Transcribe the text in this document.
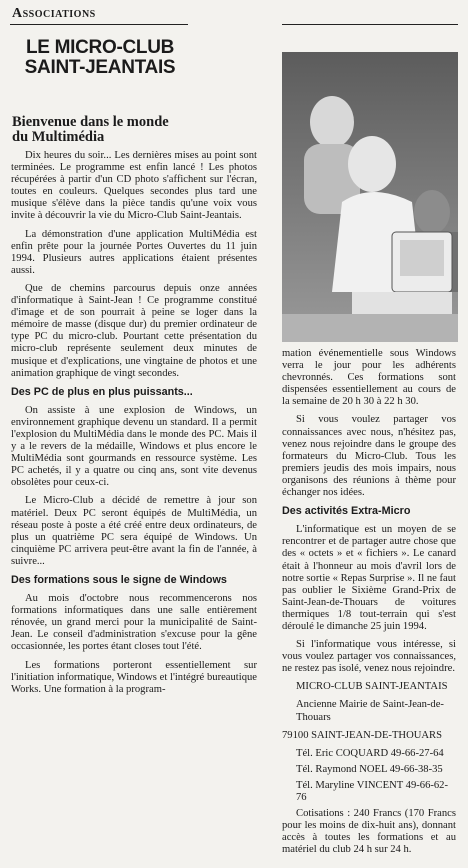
Associations
LE MICRO-CLUB
SAINT-JEANTAIS
Bienvenue dans le monde
du Multimédia

Dix heures du soir... Les dernières mises au point sont terminées. Le programme est enfin lancé ! Les photos récupérées à partir d'un CD photo s'affichent sur l'écran, toutes en couleurs. Quelques secondes plus tard une musique s'élève dans la pièce tandis qu'une voix vous invite à découvrir la vie du Micro-Club Saint-Jeantais.

La démonstration d'une application MultiMédia est enfin prête pour la journée Portes Ouvertes du 11 juin 1994. Plusieurs autres applications étaient présentes aussi.

Que de chemins parcourus depuis onze années d'informatique à Saint-Jean ! Ce programme constitué d'image et de son pourrait à peine se loger dans la mémoire de masse (disque dur) du premier ordinateur de type PC du micro-club. Pourtant cette présentation du micro-club représente seulement deux minutes de musique et d'explications, une vingtaine de photos et une animation graphique de vingt secondes.

Des PC de plus en plus puissants...

On assiste à une explosion de Windows, un environnement graphique devenu un standard. Il a permit l'explosion du MultiMédia dans le monde des PC. Mais il y a le revers de la médaille, Windows et plus encore le MultiMédia sont gourmands en ressource système. Les PC achetés, il y a quatre ou cinq ans, sont vite devenus obsolètes pour ceux-ci.

Le Micro-Club a décidé de remettre à jour son matériel. Deux PC seront équipés de MultiMédia, un réseau poste à poste a été créé entre deux ordinateurs, de plus un quatrième PC sera équipé de Windows. Un cinquième PC arrivera peut-être avant la fin de l'année, à suivre...

Des formations sous le signe de Windows

Au mois d'octobre nous recommencerons nos formations informatiques dans une salle entièrement rénovée, un grand merci pour la municipalité de Saint-Jean. Le conseil d'administration s'excuse pour la gêne occasionnée, les portes étant closes tout l'été.

Les formations porteront essentiellement sur l'initiation informatique, Windows et l'intégré bureautique Works. Une formation à la program-

mation événementielle sous Windows verra le jour pour les adhérents chevronnés. Ces formations sont dispensées essentiellement au cours de la semaine de 20 h 30 à 22 h 30.

Si vous voulez partager vos connaissances avec nous, n'hésitez pas, venez nous rejoindre dans le groupe des formateurs du Micro-Club. Tous les premiers jeudis des mois impairs, nous organisons des réunions à thème pour échanger nos idées.

Des activités Extra-Micro

L'informatique est un moyen de se rencontrer et de partager autre chose que des « octets » et « fichiers ». Le canard était à l'honneur au mois d'avril lors de notre sortie « Repas Surprise ». Il ne faut pas oublier le Sixième Grand-Prix de Saint-Jean-de-Thouars de voitures thermiques 1/8 tout-terrain qui s'est déroulé le dimanche 25 juin 1994.

Si l'informatique vous intéresse, si vous voulez partager vos connaissances, ne restez pas isolé, venez nous rejoindre.

MICRO-CLUB SAINT-JEANTAIS

Ancienne Mairie de Saint-Jean-de-Thouars

79100 SAINT-JEAN-DE-THOUARS

Tél. Eric COQUARD 49-66-27-64

Tél. Raymond NOEL 49-66-38-35

Tél. Maryline VINCENT 49-66-62-76

Cotisations : 240 Francs (170 Francs pour les moins de dix-huit ans), donnant accès à toutes les formations et au matériel du club 24 h sur 24 h.
